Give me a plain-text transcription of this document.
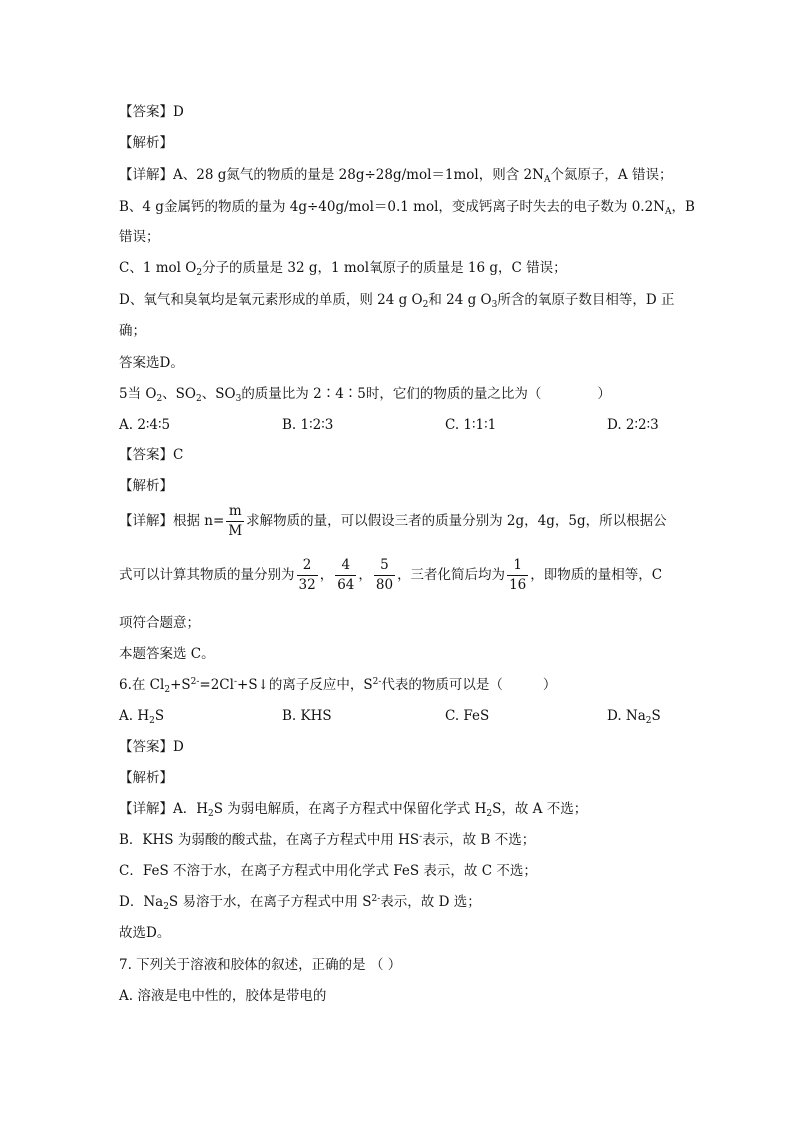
【答案】D
【解析】
【详解】A、28 g氮气的物质的量是 28g÷28g/mol＝1mol，则含 $2N_A$个氮原子，A 错误；
B、4 g金属钙的物质的量为 4g÷40g/mol＝0.1 mol，变成钙离子时失去的电子数为 $0.2N_A$，B
错误；
C、1 mol $O_2$分子的质量是 32 g，1 mol氧原子的质量是 16 g，C 错误；
D、氧气和臭氧均是氧元素形成的单质，则 24 g $O_2$和 24 g $O_3$所含的氧原子数目相等，D 正
确；
答案选D。
5当 $O_2$、$SO_2$、$SO_3$的质量比为 2∶4∶5时，它们的物质的量之比为（	）
A. 2∶4∶5	B. 1∶2∶3	C. 1∶1∶1	D. 2∶2∶3
【答案】C
【解析】
【详解】根据 $n= \frac{m}{M}$ 求解物质的量，可以假设三者的质量分别为 2g，4g，5g，所以根据公
式可以计算其物质的量分别为 $\frac{2}{32}$ ， $\frac{4}{64}$ ， $\frac{5}{80}$ ，三者化简后均为 $\frac{1}{16}$ ，即物质的量相等，C
项符合题意；
本题答案选 C。
6.在 $Cl_2+S^{2-}=2Cl^-+S↓$的离子反应中，$S^{2-}$代表的物质可以是（	）
A. $H_2S$	B. KHS	C. FeS	D. $Na_2S$
【答案】D
【解析】
【详解】A．$H_2S$ 为弱电解质，在离子方程式中保留化学式 $H_2S$，故 A 不选；
B．KHS 为弱酸的酸式盐，在离子方程式中用 HS-表示，故 B 不选；
C．FeS 不溶于水，在离子方程式中用化学式 FeS 表示，故 C 不选；
D．$Na_2S$ 易溶于水，在离子方程式中用 $S^{2-}$表示，故 D 选；
故选D。
7. 下列关于溶液和胶体的叙述，正确的是 （ ）
A. 溶液是电中性的，胶体是带电的
